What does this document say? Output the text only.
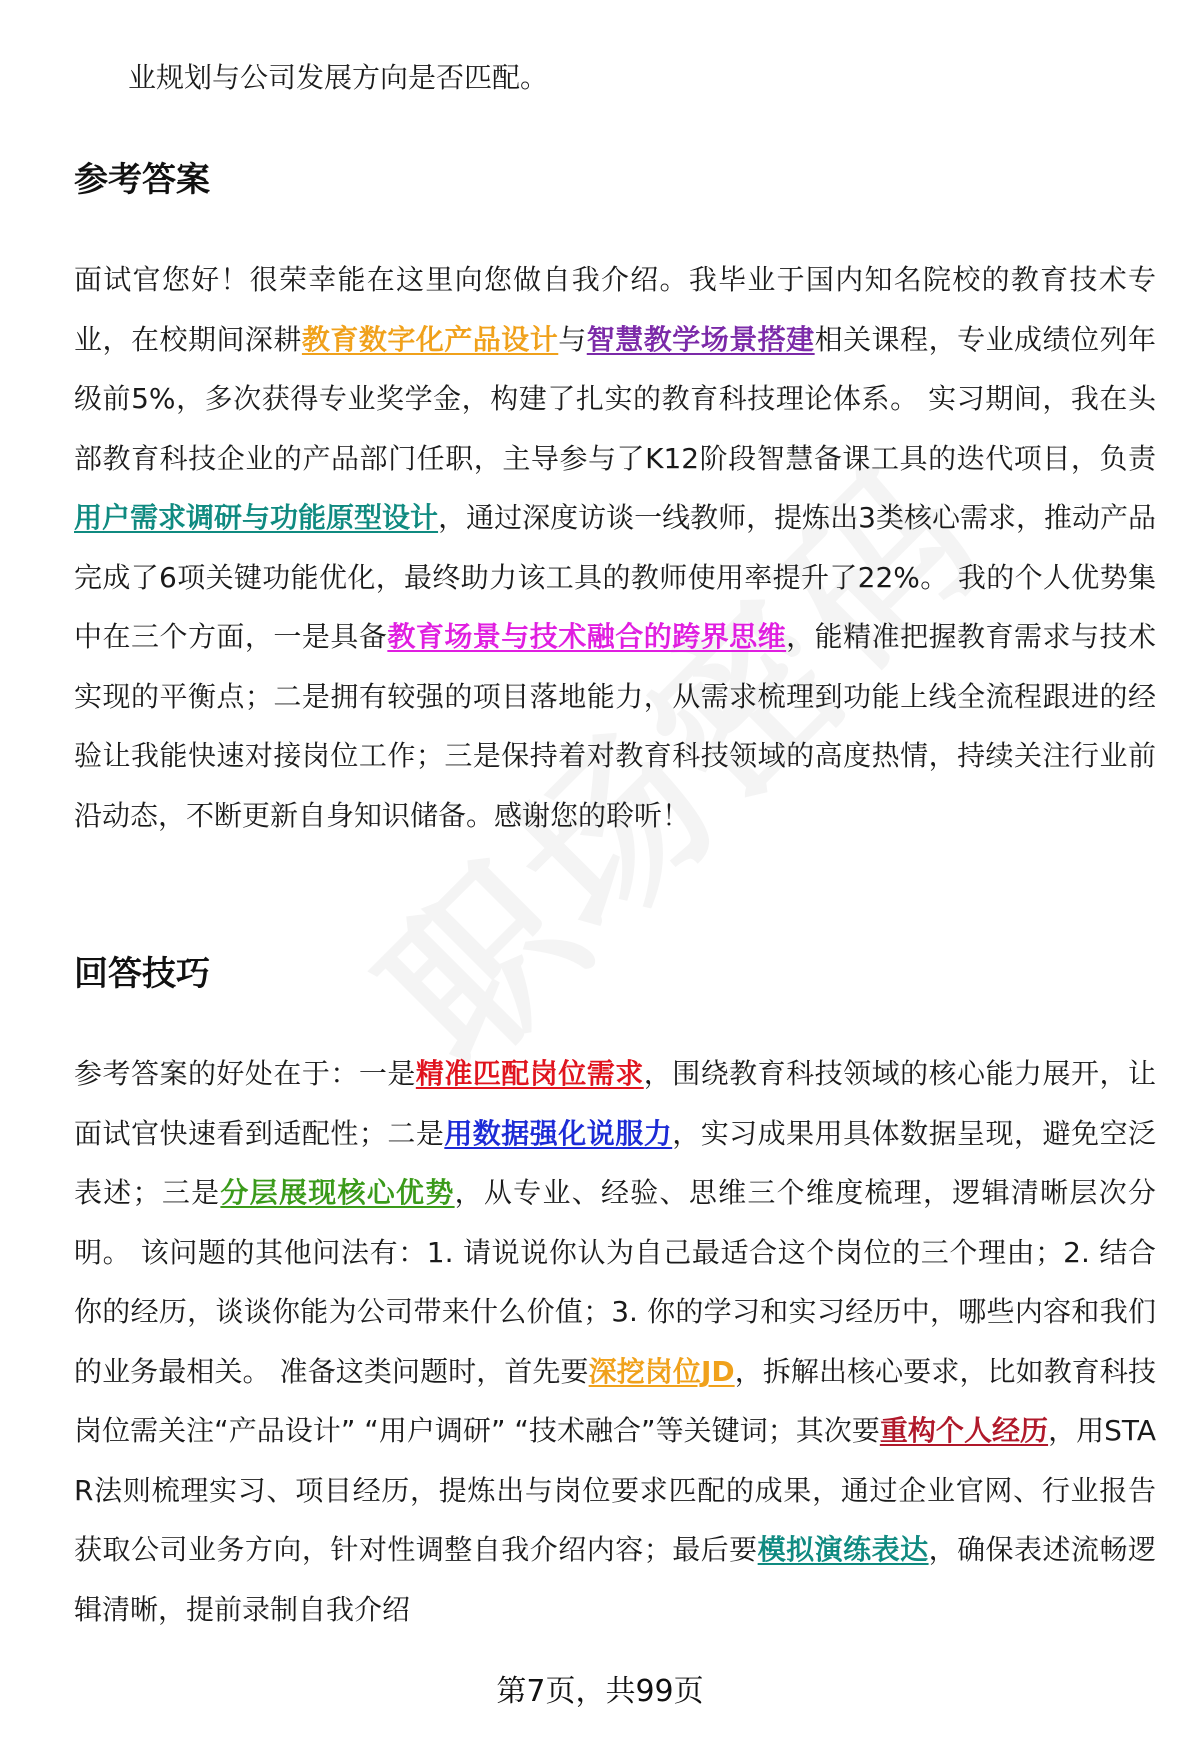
业规划与公司发展方向是否匹配。

参考答案

面试官您好！很荣幸能在这里向您做自我介绍。我毕业于国内知名院校的教育技术专业，在校期间深耕教育数字化产品设计与智慧教学场景搭建相关课程，专业成绩位列年级前5%，多次获得专业奖学金，构建了扎实的教育科技理论体系。 实习期间，我在头部教育科技企业的产品部门任职，主导参与了K12阶段智慧备课工具的迭代项目，负责用户需求调研与功能原型设计，通过深度访谈一线教师，提炼出3类核心需求，推动产品完成了6项关键功能优化，最终助力该工具的教师使用率提升了22%。 我的个人优势集中在三个方面，一是具备教育场景与技术融合的跨界思维，能精准把握教育需求与技术实现的平衡点；二是拥有较强的项目落地能力，从需求梳理到功能上线全流程跟进的经验让我能快速对接岗位工作；三是保持着对教育科技领域的高度热情，持续关注行业前沿动态，不断更新自身知识储备。感谢您的聆听！

回答技巧

参考答案的好处在于：一是精准匹配岗位需求，围绕教育科技领域的核心能力展开，让面试官快速看到适配性；二是用数据强化说服力，实习成果用具体数据呈现，避免空泛表述；三是分层展现核心优势，从专业、经验、思维三个维度梳理，逻辑清晰层次分明。 该问题的其他问法有：1. 请说说你认为自己最适合这个岗位的三个理由；2. 结合你的经历，谈谈你能为公司带来什么价值；3. 你的学习和实习经历中，哪些内容和我们的业务最相关。 准备这类问题时，首先要深挖岗位JD，拆解出核心要求，比如教育科技岗位需关注“产品设计” “用户调研” “技术融合”等关键词；其次要重构个人经历，用STAR法则梳理实习、项目经历，提炼出与岗位要求匹配的成果，通过企业官网、行业报告获取公司业务方向，针对性调整自我介绍内容；最后要模拟演练表达，确保表述流畅逻辑清晰，提前录制自我介绍

第7页，共99页
